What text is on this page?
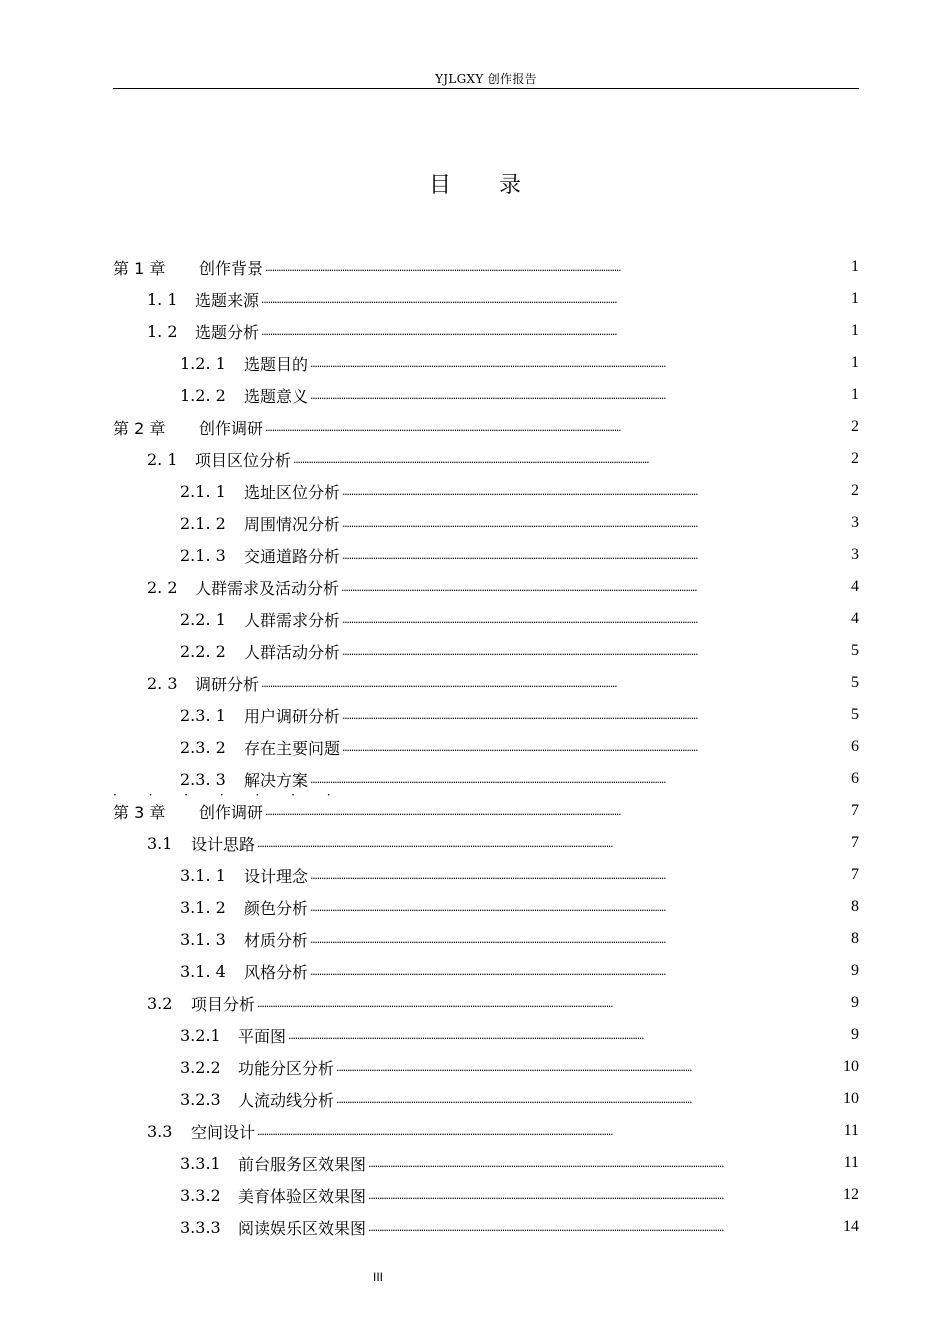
YJLGXY 创作报告
目 录
· · · · · · ·
第 1 章	创作背景 . . .	1
1. 1	选题来源 . . .	1
1. 2	选题分析 . . .	1
1.2. 1	选题目的 . . .	1
1.2. 2	选题意义 . . .	1
第 2 章	创作调研 . . .	2
2. 1	项目区位分析 . . .	2
2.1. 1	选址区位分析 . . .	2
2.1. 2	周围情况分析 . . .	3
2.1. 3	交通道路分析 . . .	3
2. 2	人群需求及活动分析 . . .	4
2.2. 1	人群需求分析 . . .	4
2.2. 2	人群活动分析 . . .	5
2. 3	调研分析 . . .	5
2.3. 1	用户调研分析 . . .	5
2.3. 2	存在主要问题 . . .	6
2.3. 3	解决方案 . . .	6
第 3 章	创作调研 . . .	7
3.1	设计思路 . . .	7
3.1. 1	设计理念 . . .	7
3.1. 2	颜色分析 . . .	8
3.1. 3	材质分析 . . .	8
3.1. 4	风格分析 . . .	9
3.2	项目分析 . . .	9
3.2.1	平面图 . . .	9
3.2.2	功能分区分析 . . .	10
3.2.3	人流动线分析 . . .	10
3.3	空间设计 . . .	11
3.3.1	前台服务区效果图 . . .	11
3.3.2	美育体验区效果图 . . .	12
3.3.3	阅读娱乐区效果图 . . .	14
III
